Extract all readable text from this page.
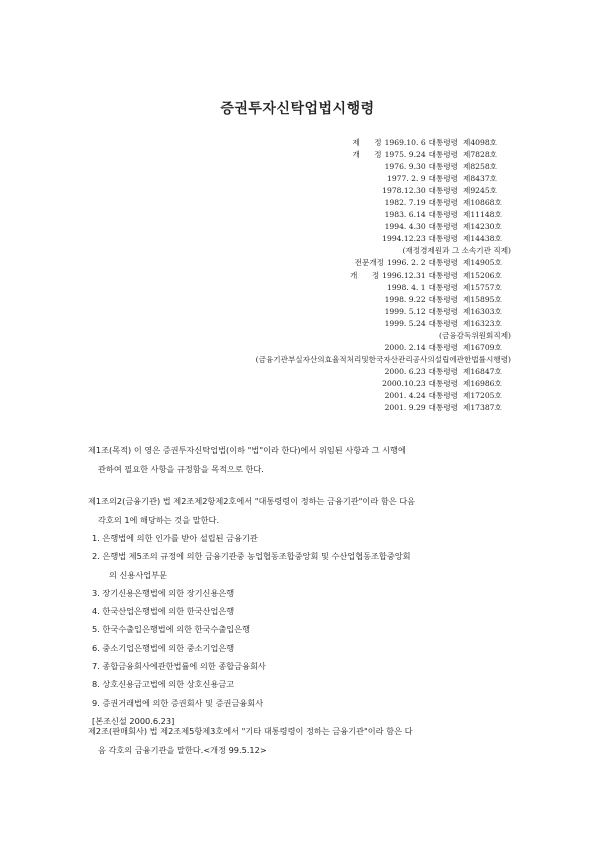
증권투자신탁업법시행령
제      정 1969.10. 6 대통령령 제4098호
개      정 1975. 9.24 대통령령 제7828호
1976. 9.30 대통령령 제8258호
1977. 2. 9 대통령령 제8437호
1978.12.30 대통령령 제9245호
1982. 7.19 대통령령 제10868호
1983. 6.14 대통령령 제11148호
1994. 4.30 대통령령 제14230호
1994.12.23 대통령령 제14438호
(재정경제원과 그 소속기관 직제)
전문개정 1996. 2. 2 대통령령 제14905호
개      정 1996.12.31 대통령령 제15206호
1998. 4. 1 대통령령 제15757호
1998. 9.22 대통령령 제15895호
1999. 5.12 대통령령 제16303호
1999. 5.24 대통령령 제16323호
(금융감독위원회직제)
2000. 2.14 대통령령 제16709호
(금융기관부실자산의효율적처리및한국자산관리공사의설립에관한법률시행령)
2000. 6.23 대통령령 제16847호
2000.10.23 대통령령 제16986호
2001. 4.24 대통령령 제17205호
2001. 9.29 대통령령 제17387호
제1조(목적) 이 영은 증권투자신탁업법(이하 "법"이라 한다)에서 위임된 사항과 그 시행에
관하여 필요한 사항을 규정함을 목적으로 한다.
제1조의2(금융기관) 법 제2조제2항제2호에서 "대통령령이 정하는 금융기관"이라 함은 다음
각호의 1에 해당하는 것을 말한다.
1. 은행법에 의한 인가를 받아 설립된 금융기관
2. 은행법 제5조의 규정에 의한 금융기관중 농업협동조합중앙회 및 수산업협동조합중앙회
의 신용사업부문
3. 장기신용은행법에 의한 장기신용은행
4. 한국산업은행법에 의한 한국산업은행
5. 한국수출입은행법에 의한 한국수출입은행
6. 중소기업은행법에 의한 중소기업은행
7. 종합금융회사에관한법률에 의한 종합금융회사
8. 상호신용금고법에 의한 상호신용금고
9. 증권거래법에 의한 증권회사 및 증권금융회사
[본조신설 2000.6.23]
제2조(판매회사) 법 제2조제5항제3호에서 "기타 대통령령이 정하는 금융기관"이라 함은 다
음 각호의 금융기관을 말한다.<개정 99.5.12>
